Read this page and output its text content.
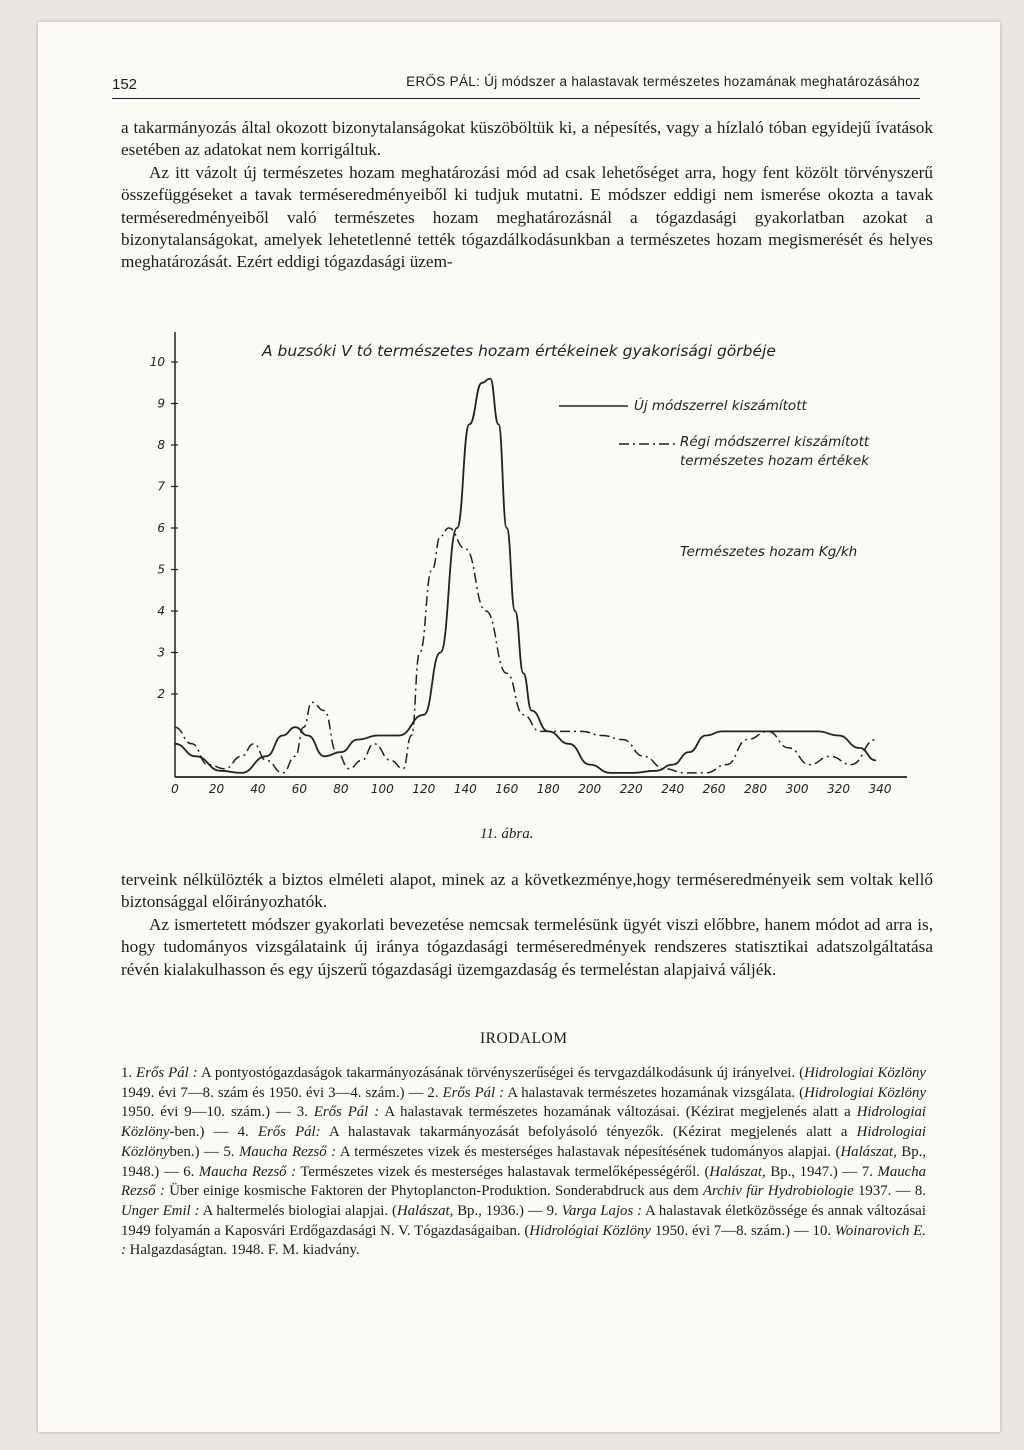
152	ERŐS PÁL: Új módszer a halastavak természetes hozamának meghatározásához

a takarmányozás által okozott bizonytalanságokat küszöböltük ki, a népesítés, vagy a hízlaló tóban egyidejű ívatások esetében az adatokat nem korrigáltuk.

Az itt vázolt új természetes hozam meghatározási mód ad csak lehetőséget arra, hogy fent közölt törvényszerű összefüggéseket a tavak terméseredményeiből ki tudjuk mutatni. E módszer eddigi nem ismerése okozta a tavak terméseredményeiből való természetes hozam meghatározásnál a tógazdasági gyakorlatban azokat a bizonytalanságokat, amelyek lehetetlenné tették tógazdálkodásunkban a természetes hozam megismerését és helyes meghatározását. Ezért eddigi tógazdasági üzem-

10
9
8
7
6
5
4
3
2
0	20 40 60 80 100 120 140 160 180 200 220 240 260 280 300 320 340
A buzsóki V tó természetes hozam értékeinek gyakorisági görbéje
Új módszerrel kiszámított
Régi módszerrel kiszámított
természetes hozam értékek
Természetes hozam Kg/kh
11. ábra.

terveink nélkülözték a biztos elméleti alapot, minek az a következménye,hogy terméseredményeik sem voltak kellő biztonsággal előirányozhatók.

Az ismertetett módszer gyakorlati bevezetése nemcsak termelésünk ügyét viszi előbbre, hanem módot ad arra is, hogy tudományos vizsgálataink új iránya tógazdasági terméseredmények rendszeres statisztikai adatszolgáltatása révén kialakulhasson és egy újszerű tógazdasági üzemgazdaság és termeléstan alapjaivá váljék.

IRODALOM
1. Erős Pál : A pontyostógazdaságok takarmányozásának törvényszerűségei és tervgazdálkodásunk új irányelvei. (Hidrologiai Közlöny 1949. évi 7—8. szám és 1950. évi 3—4. szám.) — 2. Erős Pál : A halastavak természetes hozamának vizsgálata. (Hidrologiai Közlöny 1950. évi 9—10. szám.) — 3. Erős Pál : A halastavak természetes hozamának változásai. (Kézirat megjelenés alatt a Hidrologiai Közlöny-ben.) — 4. Erős Pál: A halastavak takarmányozását befolyásoló tényezők. (Kézirat megjelenés alatt a Hidrologiai Közlönyben.) — 5. Maucha Rezső : A természetes vizek és mesterséges halastavak népesítésének tudományos alapjai. (Halászat, Bp., 1948.) — 6. Maucha Rezső : Természetes vizek és mesterséges halastavak termelőképességéről. (Halászat, Bp., 1947.) — 7. Maucha Rezső : Über einige kosmische Faktoren der Phytoplancton-Produktion. Sonderabdruck aus dem Archiv für Hydrobiologie 1937. — 8. Unger Emil : A haltermelés biologiai alapjai. (Halászat, Bp., 1936.) — 9. Varga Lajos : A halastavak életközössége és annak változásai 1949 folyamán a Kaposvári Erdőgazdasági N. V. Tógazdaságaiban. (Hidrológiai Közlöny 1950. évi 7—8. szám.) — 10. Woinarovich E. : Halgazdaságtan. 1948. F. M. kiadvány.
